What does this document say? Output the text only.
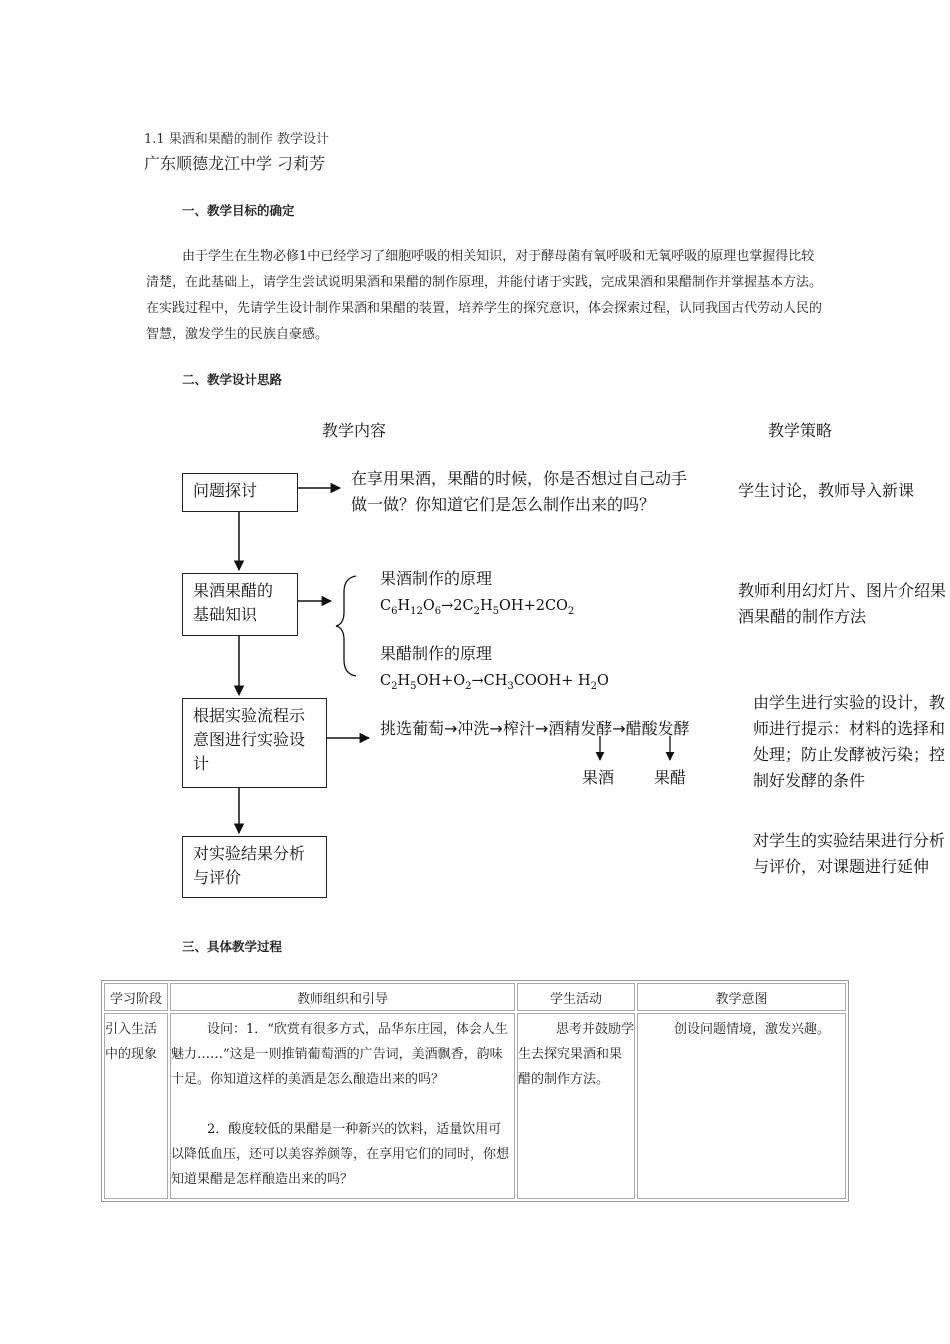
1.1 果酒和果醋的制作 教学设计
广东顺德龙江中学 刁莉芳
一、教学目标的确定
由于学生在生物必修1中已经学习了细胞呼吸的相关知识，对于酵母菌有氧呼吸和无氧呼吸的原理也掌握得比较清楚，在此基础上，请学生尝试说明果酒和果醋的制作原理，并能付诸于实践，完成果酒和果醋制作并掌握基本方法。在实践过程中，先请学生设计制作果酒和果醋的装置，培养学生的探究意识，体会探索过程，认同我国古代劳动人民的智慧，激发学生的民族自豪感。
二、教学设计思路
教学内容	教学策略
问题探讨
在享用果酒，果醋的时候，你是否想过自己动手做一做？你知道它们是怎么制作出来的吗？
果酒果醋的基础知识
果酒制作的原理
$C_6H_{12}O_6\to 2C_2H_5OH+2CO_2$
果醋制作的原理
$C_2H_5OH+O_2\to CH_3COOH+ H_2O$
根据实验流程示意图进行实验设计
挑选葡萄→冲洗→榨汁→酒精发酵→醋酸发酵
果酒 果醋
对实验结果分析与评价
学生讨论，教师导入新课
教师利用幻灯片、图片介绍果
酒果醋的制作方法
由学生进行实验的设计，教
师进行提示：材料的选择和
处理；防止发酵被污染；控
制好发酵的条件
对学生的实验结果进行分析
与评价，对课题进行延伸
三、具体教学过程
学习阶段	教师组织和引导	学生活动	教学意图

引入生活中的现象	设问：1．“欣赏有很多方式，品华东庄园，体会人生魅力……”这是一则推销葡萄酒的广告词，美酒飘香，韵味十足。你知道这样的美酒是怎么酿造出来的吗？
2．酸度较低的果醋是一种新兴的饮料，适量饮用可以降低血压，还可以美容养颜等，在享用它们的同时，你想知道果醋是怎样酿造出来的吗？	思考并鼓励学生去探究果酒和果醋的制作方法。	创设问题情境，激发兴趣。
